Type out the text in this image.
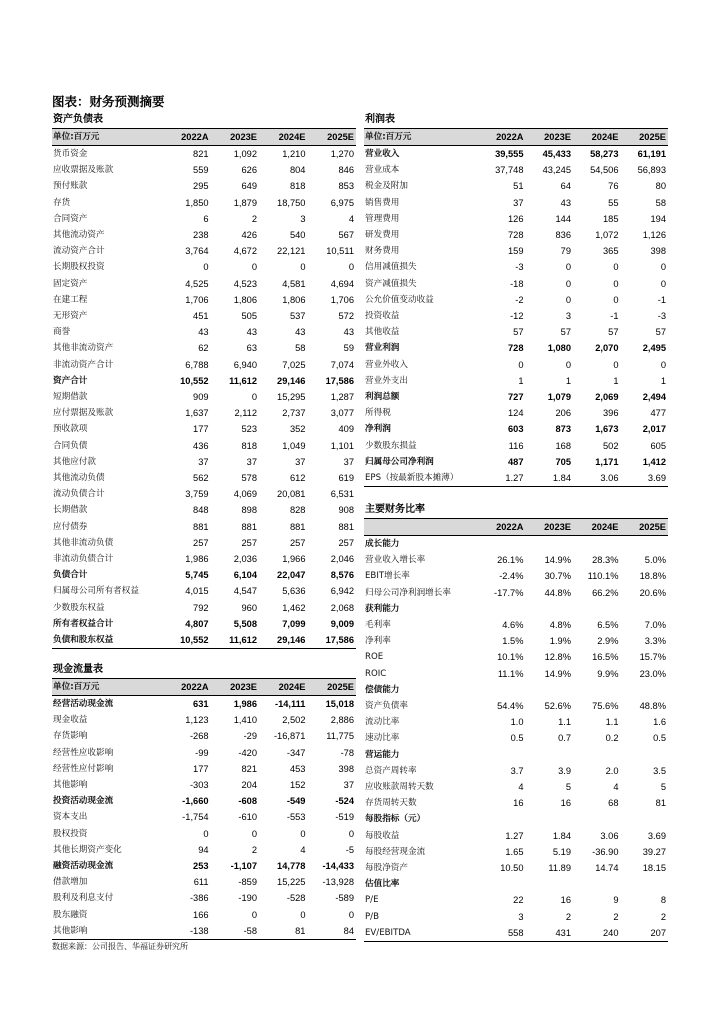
图表：财务预测摘要
资产负债表
单位:百万元	2022A	2023E	2024E	2025E
货币资金	821	1,092	1,210	1,270
应收票据及账款	559	626	804	846
预付账款	295	649	818	853
存货	1,850	1,879	18,750	6,975
合同资产	6	2	3	4
其他流动资产	238	426	540	567
流动资产合计	3,764	4,672	22,121	10,511
长期股权投资	0	0	0	0
固定资产	4,525	4,523	4,581	4,694
在建工程	1,706	1,806	1,806	1,706
无形资产	451	505	537	572
商誉	43	43	43	43
其他非流动资产	62	63	58	59
非流动资产合计	6,788	6,940	7,025	7,074
资产合计	10,552	11,612	29,146	17,586
短期借款	909	0	15,295	1,287
应付票据及账款	1,637	2,112	2,737	3,077
预收款项	177	523	352	409
合同负债	436	818	1,049	1,101
其他应付款	37	37	37	37
其他流动负债	562	578	612	619
流动负债合计	3,759	4,069	20,081	6,531
长期借款	848	898	828	908
应付债券	881	881	881	881
其他非流动负债	257	257	257	257
非流动负债合计	1,986	2,036	1,966	2,046
负债合计	5,745	6,104	22,047	8,576
归属母公司所有者权益	4,015	4,547	5,636	6,942
少数股东权益	792	960	1,462	2,068
所有者权益合计	4,807	5,508	7,099	9,009
负债和股东权益	10,552	11,612	29,146	17,586
现金流量表
单位:百万元	2022A	2023E	2024E	2025E
经营活动现金流	631	1,986	-14,111	15,018
现金收益	1,123	1,410	2,502	2,886
存货影响	-268	-29	-16,871	11,775
经营性应收影响	-99	-420	-347	-78
经营性应付影响	177	821	453	398
其他影响	-303	204	152	37
投资活动现金流	-1,660	-608	-549	-524
资本支出	-1,754	-610	-553	-519
股权投资	0	0	0	0
其他长期资产变化	94	2	4	-5
融资活动现金流	253	-1,107	14,778	-14,433
借款增加	611	-859	15,225	-13,928
股利及利息支付	-386	-190	-528	-589
股东融资	166	0	0	0
其他影响	-138	-58	81	84
利润表
单位:百万元	2022A	2023E	2024E	2025E
营业收入	39,555	45,433	58,273	61,191
营业成本	37,748	43,245	54,506	56,893
税金及附加	51	64	76	80
销售费用	37	43	55	58
管理费用	126	144	185	194
研发费用	728	836	1,072	1,126
财务费用	159	79	365	398
信用减值损失	-3	0	0	0
资产减值损失	-18	0	0	0
公允价值变动收益	-2	0	0	-1
投资收益	-12	3	-1	-3
其他收益	57	57	57	57
营业利润	728	1,080	2,070	2,495
营业外收入	0	0	0	0
营业外支出	1	1	1	1
利润总额	727	1,079	2,069	2,494
所得税	124	206	396	477
净利润	603	873	1,673	2,017
少数股东损益	116	168	502	605
归属母公司净利润	487	705	1,171	1,412
EPS（按最新股本摊薄）	1.27	1.84	3.06	3.69
主要财务比率
	2022A	2023E	2024E	2025E
成长能力				
营业收入增长率	26.1%	14.9%	28.3%	5.0%
EBIT增长率	-2.4%	30.7%	110.1%	18.8%
归母公司净利润增长率	-17.7%	44.8%	66.2%	20.6%
获利能力				
毛利率	4.6%	4.8%	6.5%	7.0%
净利率	1.5%	1.9%	2.9%	3.3%
ROE	10.1%	12.8%	16.5%	15.7%
ROIC	11.1%	14.9%	9.9%	23.0%
偿债能力				
资产负债率	54.4%	52.6%	75.6%	48.8%
流动比率	1.0	1.1	1.1	1.6
速动比率	0.5	0.7	0.2	0.5
营运能力				
总资产周转率	3.7	3.9	2.0	3.5
应收账款周转天数	4	5	4	5
存货周转天数	16	16	68	81
每股指标（元）				
每股收益	1.27	1.84	3.06	3.69
每股经营现金流	1.65	5.19	-36.90	39.27
每股净资产	10.50	11.89	14.74	18.15
估值比率				
P/E	22	16	9	8
P/B	3	2	2	2
EV/EBITDA	558	431	240	207
数据来源：公司报告、华福证券研究所
